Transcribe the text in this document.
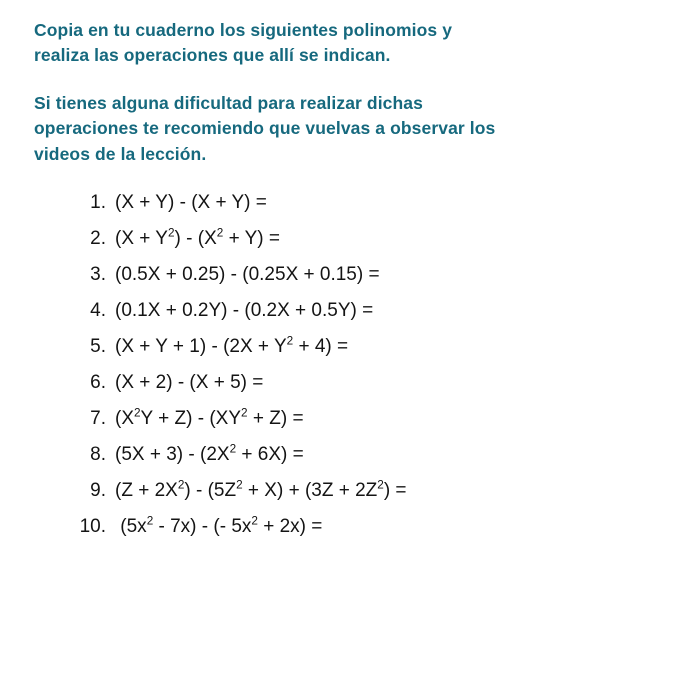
Copia en tu cuaderno los siguientes polinomios y
realiza las operaciones que allí se indican.

Si tienes alguna dificultad para realizar dichas
operaciones te recomiendo que vuelvas a observar los
videos de la lección.

1. (X + Y) - (X + Y) =
2. $(X + Y^2) - (X^2 + Y)$ =
3. (0.5X + 0.25) - (0.25X + 0.15) =
4. (0.1X + 0.2Y) - (0.2X + 0.5Y) =
5. $(X + Y + 1) - (2X + Y^2 + 4)$ =
6. (X + 2) - (X + 5) =
7. $(X^2Y + Z) - (XY^2 + Z)$ =
8. $(5X + 3) - (2X^2 + 6X)$ =
9. $(Z + 2X^2) - (5Z^2 + X) + (3Z + 2Z^2)$ =
10. $(5x^2 - 7x)$ - (- $5x^2 + 2x$) =
